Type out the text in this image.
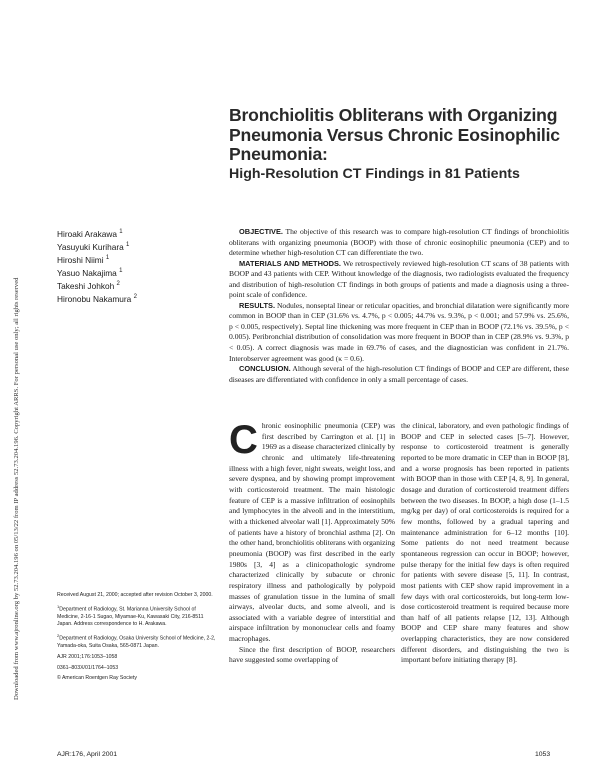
Downloaded from www.ajronline.org by 52.73.204.196 on 05/13/22 from IP address 52.73.204.196. Copyright ARRS. For personal use only; all rights reserved
Bronchiolitis Obliterans with Organizing Pneumonia Versus Chronic Eosinophilic Pneumonia:
High-Resolution CT Findings in 81 Patients
Hiroaki Arakawa $^1$
Yasuyuki Kurihara $^1$
Hiroshi Niimi $^1$
Yasuo Nakajima $^1$
Takeshi Johkoh $^2$
Hironobu Nakamura $^2$

OBJECTIVE. The objective of this research was to compare high-resolution CT findings of bronchiolitis obliterans with organizing pneumonia (BOOP) with those of chronic eosinophilic pneumonia (CEP) and to determine whether high-resolution CT can differentiate the two.

MATERIALS AND METHODS. We retrospectively reviewed high-resolution CT scans of 38 patients with BOOP and 43 patients with CEP. Without knowledge of the diagnosis, two radiologists evaluated the frequency and distribution of high-resolution CT findings in both groups of patients and made a diagnosis using a three-point scale of confidence.

RESULTS. Nodules, nonseptal linear or reticular opacities, and bronchial dilatation were significantly more common in BOOP than in CEP (31.6% vs. 4.7%, p < 0.005; 44.7% vs. 9.3%, p < 0.001; and 57.9% vs. 25.6%, p < 0.005, respectively). Septal line thickening was more frequent in CEP than in BOOP (72.1% vs. 39.5%, p < 0.005). Peribronchial distribution of consolidation was more frequent in BOOP than in CEP (28.9% vs. 9.3%, p < 0.05). A correct diagnosis was made in 69.7% of cases, and the diagnostician was confident in 21.7%. Interobserver agreement was good (κ = 0.6).

CONCLUSION. Although several of the high-resolution CT findings of BOOP and CEP are different, these diseases are differentiated with confidence in only a small percentage of cases.

Chronic eosinophilic pneumonia (CEP) was first described by Carrington et al. [1] in 1969 as a disease characterized clinically by chronic and ultimately life-threatening illness with a high fever, night sweats, weight loss, and severe dyspnea, and by showing prompt improvement with corticosteroid treatment. The main histologic feature of CEP is a massive infiltration of eosinophils and lymphocytes in the alveoli and in the interstitium, with a thickened alveolar wall [1]. Approximately 50% of patients have a history of bronchial asthma [2]. On the other hand, bronchiolitis obliterans with organizing pneumonia (BOOP) was first described in the early 1980s [3, 4] as a clinicopathologic syndrome characterized clinically by subacute or chronic respiratory illness and pathologically by polypoid masses of granulation tissue in the lumina of small airways, alveolar ducts, and some alveoli, and is associated with a variable degree of interstitial and airspace infiltration by mononuclear cells and foamy macrophages.

Since the first description of BOOP, researchers have suggested some overlapping of

the clinical, laboratory, and even pathologic findings of BOOP and CEP in selected cases [5–7]. However, response to corticosteroid treatment is generally reported to be more dramatic in CEP than in BOOP [8], and a worse prognosis has been reported in patients with BOOP than in those with CEP [4, 8, 9]. In general, dosage and duration of corticosteroid treatment differs between the two diseases. In BOOP, a high dose (1–1.5 mg/kg per day) of oral corticosteroids is required for a few months, followed by a gradual tapering and maintenance administration for 6–12 months [10]. Some patients do not need treatment because spontaneous regression can occur in BOOP; however, pulse therapy for the initial few days is often required for patients with severe disease [5, 11]. In contrast, most patients with CEP show rapid improvement in a few days with oral corticosteroids, but long-term low-dose corticosteroid treatment is required because more than half of all patients relapse [12, 13]. Although BOOP and CEP share many features and show overlapping characteristics, they are now considered different disorders, and distinguishing the two is important before initiating therapy [8].

Received August 21, 2000; accepted after revision October 3, 2000.

$^1$Department of Radiology, St. Marianna University School of Medicine, 2-16-1 Sugao, Miyamae-Ku, Kawasaki City, 216-8511 Japan. Address correspondence to H. Arakawa.

$^2$Department of Radiology, Osaka University School of Medicine, 2-2, Yamada-oka, Suita Osaka, 565-0871 Japan.

AJR 2001;176:1053–1058

0361–803X/01/1764–1053

© American Roentgen Ray Society

AJR:176, April 2001	1053
